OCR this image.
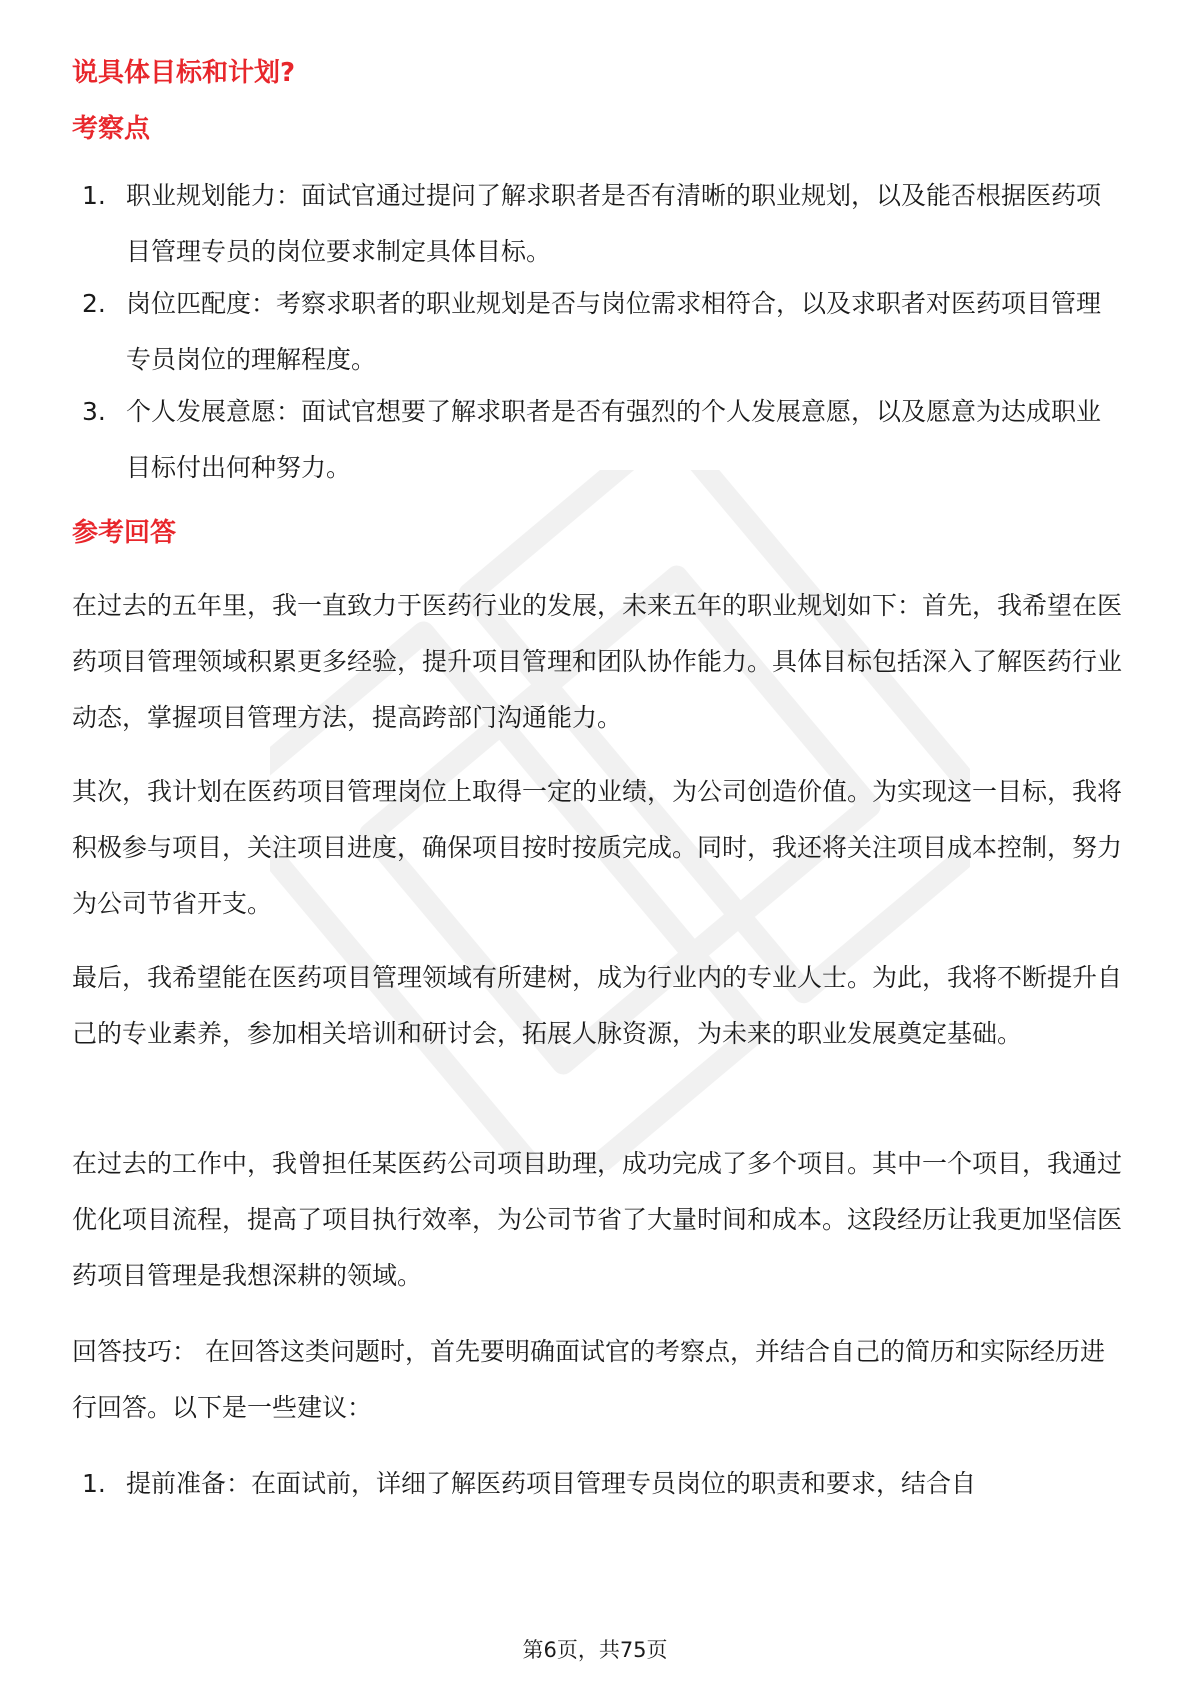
说具体目标和计划?
考察点
1. 职业规划能力：面试官通过提问了解求职者是否有清晰的职业规划，以及能否根据医药项目管理专员的岗位要求制定具体目标。
2. 岗位匹配度：考察求职者的职业规划是否与岗位需求相符合，以及求职者对医药项目管理专员岗位的理解程度。
3. 个人发展意愿：面试官想要了解求职者是否有强烈的个人发展意愿，以及愿意为达成职业目标付出何种努力。
参考回答

在过去的五年里，我一直致力于医药行业的发展，未来五年的职业规划如下：首先，我希望在医药项目管理领域积累更多经验，提升项目管理和团队协作能力。具体目标包括深入了解医药行业动态，掌握项目管理方法，提高跨部门沟通能力。

其次，我计划在医药项目管理岗位上取得一定的业绩，为公司创造价值。为实现这一目标，我将积极参与项目，关注项目进度，确保项目按时按质完成。同时，我还将关注项目成本控制，努力为公司节省开支。

最后，我希望能在医药项目管理领域有所建树，成为行业内的专业人士。为此，我将不断提升自己的专业素养，参加相关培训和研讨会，拓展人脉资源，为未来的职业发展奠定基础。

在过去的工作中，我曾担任某医药公司项目助理，成功完成了多个项目。其中一个项目，我通过优化项目流程，提高了项目执行效率，为公司节省了大量时间和成本。这段经历让我更加坚信医药项目管理是我想深耕的领域。

回答技巧： 在回答这类问题时，首先要明确面试官的考察点，并结合自己的简历和实际经历进行回答。以下是一些建议：

1. 提前准备：在面试前，详细了解医药项目管理专员岗位的职责和要求，结合自
第6页，共75页
